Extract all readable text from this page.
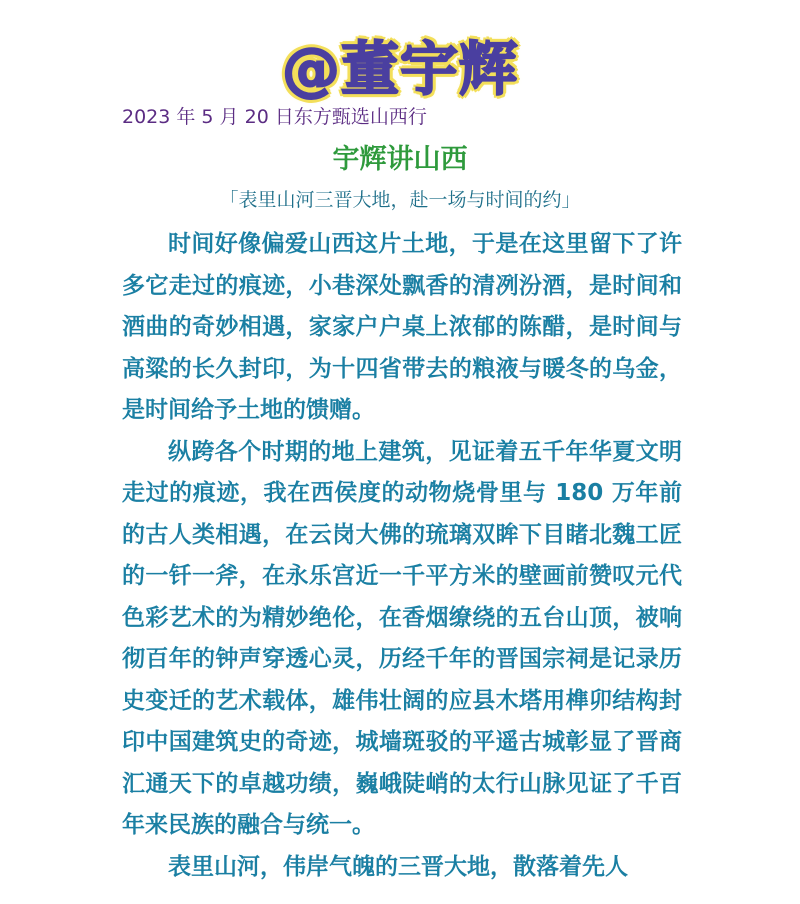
@董宇辉
2023 年 5 月 20 日东方甄选山西行
宇辉讲山西
「表里山河三晋大地，赴一场与时间的约」

时间好像偏爱山西这片土地，于是在这里留下了许多它走过的痕迹，小巷深处飘香的清冽汾酒，是时间和酒曲的奇妙相遇，家家户户桌上浓郁的陈醋，是时间与高粱的长久封印，为十四省带去的粮液与暖冬的乌金，是时间给予土地的馈赠。

纵跨各个时期的地上建筑，见证着五千年华夏文明走过的痕迹，我在西侯度的动物烧骨里与 180 万年前的古人类相遇，在云岗大佛的琉璃双眸下目睹北魏工匠的一钎一斧，在永乐宫近一千平方米的壁画前赞叹元代色彩艺术的为精妙绝伦，在香烟缭绕的五台山顶，被响彻百年的钟声穿透心灵，历经千年的晋国宗祠是记录历史变迁的艺术载体，雄伟壮阔的应县木塔用榫卯结构封印中国建筑史的奇迹，城墙斑驳的平遥古城彰显了晋商汇通天下的卓越功绩，巍峨陡峭的太行山脉见证了千百年来民族的融合与统一。

表里山河，伟岸气魄的三晋大地，散落着先人
